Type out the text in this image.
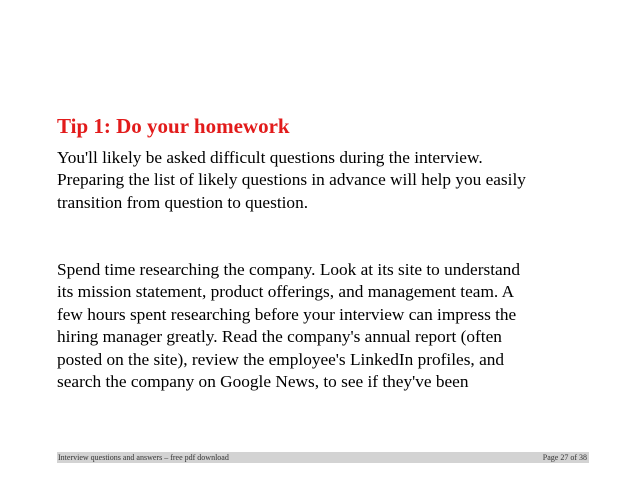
Tip 1: Do your homework

You'll likely be asked difficult questions during the interview.
Preparing the list of likely questions in advance will help you easily
transition from question to question.

Spend time researching the company. Look at its site to understand
its mission statement, product offerings, and management team. A
few hours spent researching before your interview can impress the
hiring manager greatly. Read the company's annual report (often
posted on the site), review the employee's LinkedIn profiles, and
search the company on Google News, to see if they've been

Interview questions and answers – free pdf download	Page 27 of 38
